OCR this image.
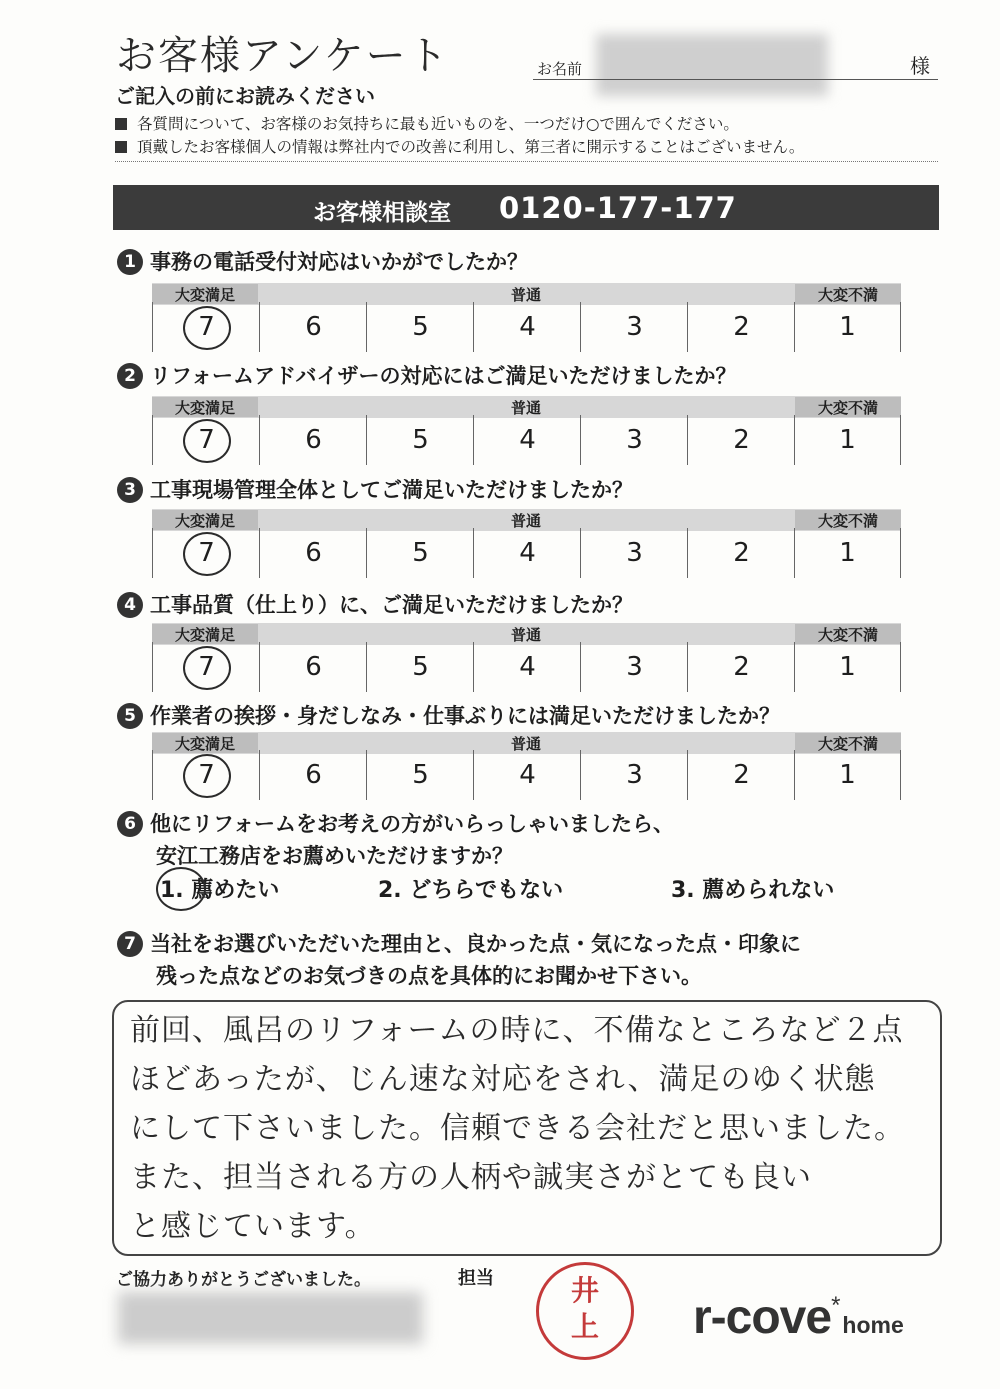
お客様アンケート	お名前	様
ご記入の前にお読みください
各質問について、お客様のお気持ちに最も近いものを、一つだけ○で囲んでください。
頂戴したお客様個人の情報は弊社内での改善に利用し、第三者に開示することはございません。
お客様相談室 0120-177-177
1 事務の電話受付対応はいかがでしたか？
大変満足	普通	大変不満
7	6	5	4	3	2	1
2 リフォームアドバイザーの対応にはご満足いただけましたか？
大変満足	普通	大変不満
7	6	5	4	3	2	1
3 工事現場管理全体としてご満足いただけましたか？
大変満足	普通	大変不満
7	6	5	4	3	2	1
4 工事品質（仕上り）に、ご満足いただけましたか？
大変満足	普通	大変不満
7	6	5	4	3	2	1
5 作業者の挨拶・身だしなみ・仕事ぶりには満足いただけましたか？
大変満足	普通	大変不満
7	6	5	4	3	2	1
6 他にリフォームをお考えの方がいらっしゃいましたら、
安江工務店をお薦めいただけますか？
1. 薦めたい	2. どちらでもない	3. 薦められない
7 当社をお選びいただいた理由と、良かった点・気になった点・印象に
残った点などのお気づきの点を具体的にお聞かせ下さい。
前回、風呂のリフォームの時に、不備なところなど２点
ほどあったが、じん速な対応をされ、満足のゆく状態
にして下さいました。信頼できる会社だと思いました。
また、担当される方の人柄や誠実さがとても良い
と感じています。
ご協力ありがとうございました。	担当	井
上	r-cove*home
